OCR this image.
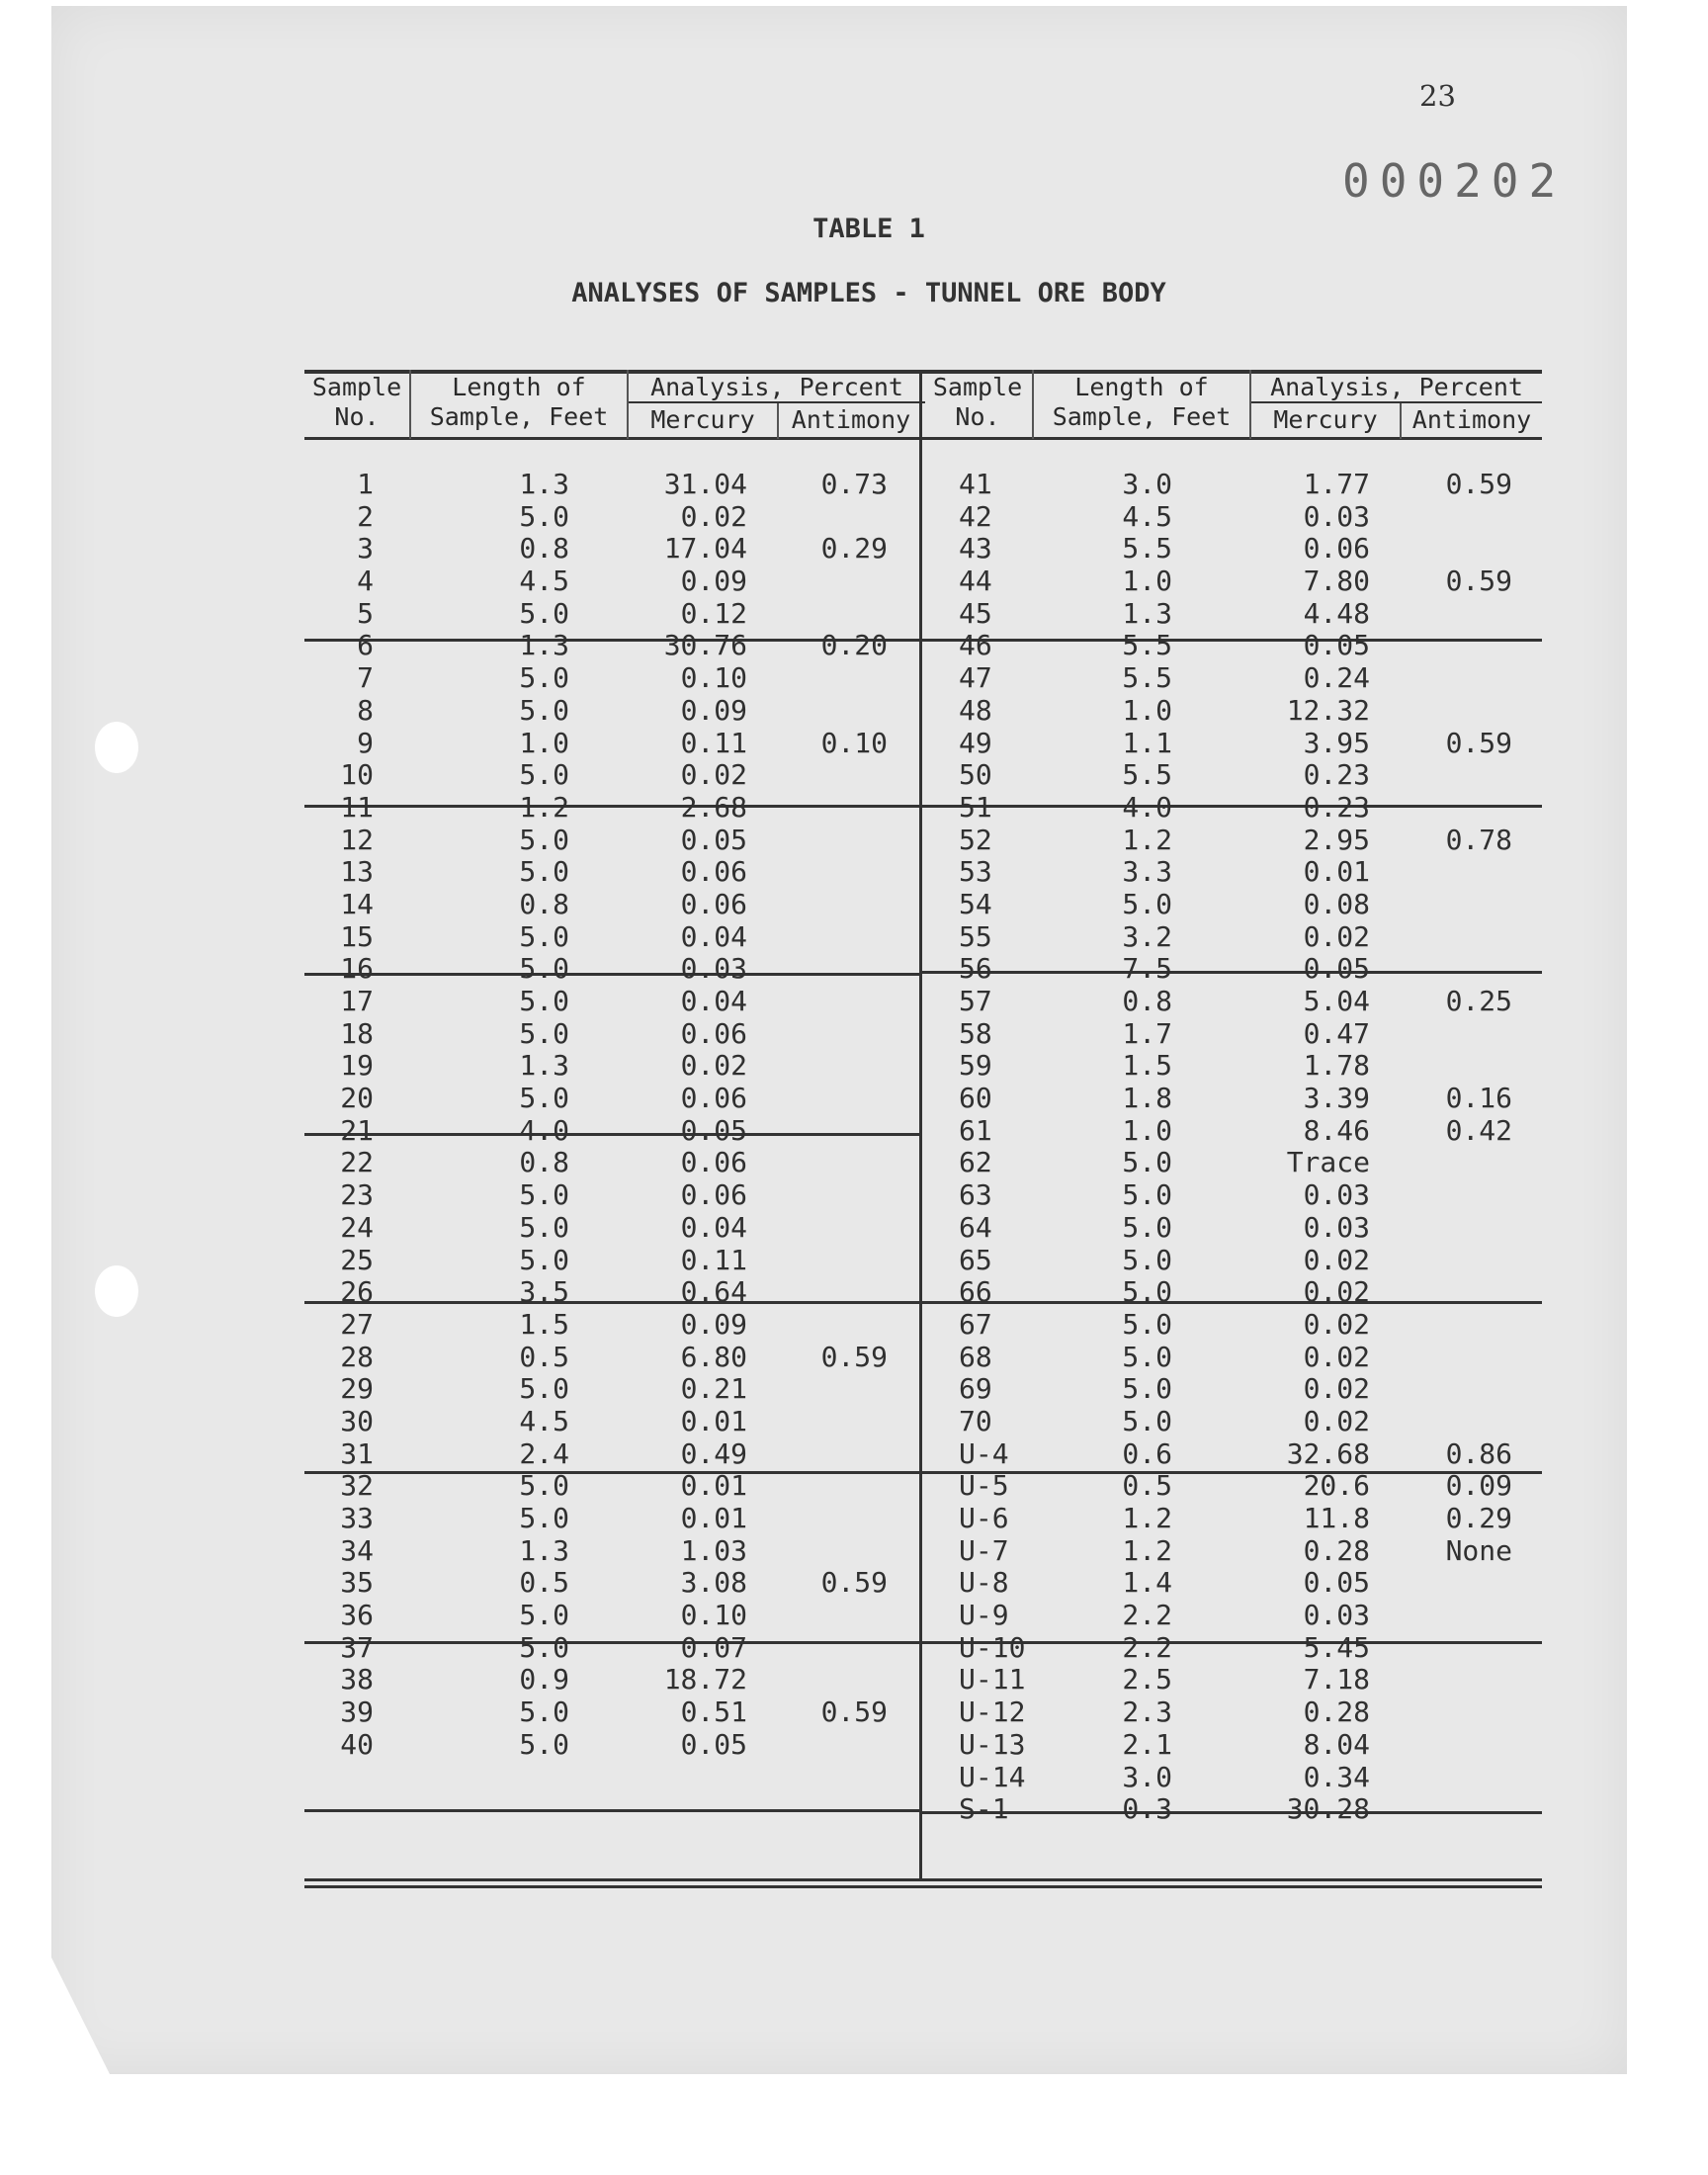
23
000202
TABLE 1
ANALYSES OF SAMPLES - TUNNEL ORE BODY
Sample
No.
Length of
Sample, Feet
Analysis, Percent
Mercury	Antimony
Sample
No.
Length of
Sample, Feet
Analysis, Percent
Mercury	Antimony
1
2
3
4
5
6
7
8
9
10
11
12
13
14
15
16
17
18
19
20
21
22
23
24
25
26
27
28
29
30
31
32
33
34
35
36
37
38
39
40
1.3
5.0
0.8
4.5
5.0
1.3
5.0
5.0
1.0
5.0
1.2
5.0
5.0
0.8
5.0
5.0
5.0
5.0
1.3
5.0
4.0
0.8
5.0
5.0
5.0
3.5
1.5
0.5
5.0
4.5
2.4
5.0
5.0
1.3
0.5
5.0
5.0
0.9
5.0
5.0
31.04
0.02
17.04
0.09
0.12
30.76
0.10
0.09
0.11
0.02
2.68
0.05
0.06
0.06
0.04
0.03
0.04
0.06
0.02
0.06
0.05
0.06
0.06
0.04
0.11
0.64
0.09
6.80
0.21
0.01
0.49
0.01
0.01
1.03
3.08
0.10
0.07
18.72
0.51
0.05
0.73
0.29
0.20
0.10
0.59
0.59
0.59
41
42
43
44
45
46
47
48
49
50
51
52
53
54
55
56
57
58
59
60
61
62
63
64
65
66
67
68
69
70
U-4
U-5
U-6
U-7
U-8
U-9
U-10
U-11
U-12
U-13
U-14
S-1
3.0
4.5
5.5
1.0
1.3
5.5
5.5
1.0
1.1
5.5
4.0
1.2
3.3
5.0
3.2
7.5
0.8
1.7
1.5
1.8
1.0
5.0
5.0
5.0
5.0
5.0
5.0
5.0
5.0
5.0
0.6
0.5
1.2
1.2
1.4
2.2
2.2
2.5
2.3
2.1
3.0
0.3
1.77
0.03
0.06
7.80
4.48
0.05
0.24
12.32
3.95
0.23
0.23
2.95
0.01
0.08
0.02
0.05
5.04
0.47
1.78
3.39
8.46
Trace
0.03
0.03
0.02
0.02
0.02
0.02
0.02
0.02
32.68
20.6
11.8
0.28
0.05
0.03
5.45
7.18
0.28
8.04
0.34
30.28
0.59
0.59
0.59
0.78
0.25
0.16
0.42
0.86
0.09
0.29
None
